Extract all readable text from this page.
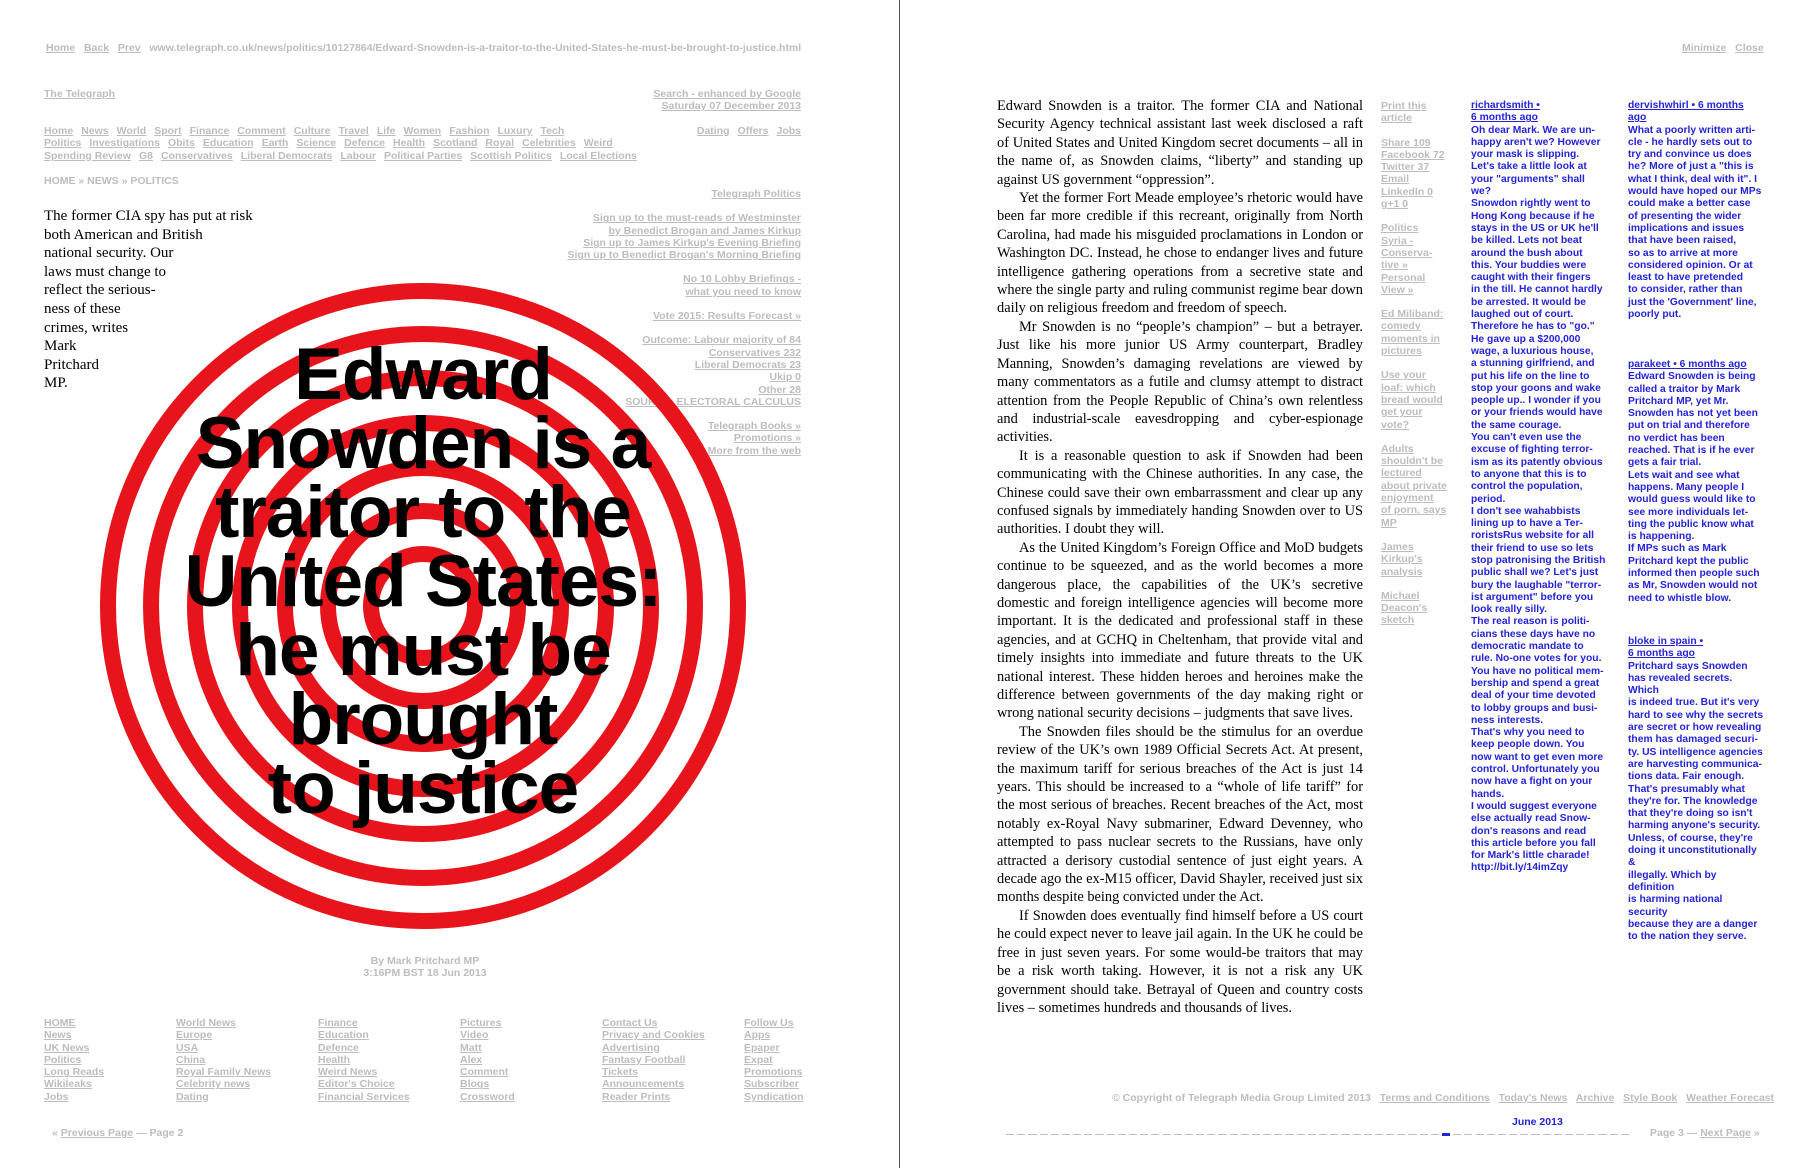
Home Back Prev www.telegraph.co.uk/news/politics/10127864/Edward-Snowden-is-a-traitor-to-the-United-States-he-must-be-brought-to-justice.html	Minimize Close
The Telegraph	Search - enhanced by Google
Saturday 07 December 2013
Home News World Sport Finance Comment Culture Travel Life Women Fashion Luxury Tech
Politics Investigations Obits Education Earth Science Defence Health Scotland Royal Celebrities Weird
Spending Review G8 Conservatives Liberal Democrats Labour Political Parties Scottish Politics Local Elections
Dating Offers Jobs
HOME » NEWS » POLITICS
The former CIA spy has put at risk
both American and British
national security. Our
laws must change to
reflect the serious-
ness of these
crimes, writes
Mark
Pritchard
MP.
Telegraph Politics
Sign up to the must-reads of Westminster
by Benedict Brogan and James Kirkup
Sign up to James Kirkup's Evening Briefing
Sign up to Benedict Brogan's Morning Briefing
No 10 Lobby Briefings -
what you need to know
Vote 2015: Results Forecast »
Outcome: Labour majority of 84
Conservatives 232
Liberal Democrats 23
Ukip 0
Other 28
SOURCE: ELECTORAL CALCULUS
Telegraph Books »
Promotions »
More from the web
Edward
Snowden is a
traitor to the
United States:
he must be
brought
to justice
By Mark Pritchard MP
3:16PM BST 18 Jun 2013
HOME
News
UK News
Politics
Long Reads
Wikileaks
Jobs
World News
Europe
USA
China
Royal Family News
Celebrity news
Dating
Finance
Education
Defence
Health
Weird News
Editor's Choice
Financial Services
Pictures
Video
Matt
Alex
Comment
Blogs
Crossword
Contact Us
Privacy and Cookies
Advertising
Fantasy Football
Tickets
Announcements
Reader Prints
Follow Us
Apps
Epaper
Expat
Promotions
Subscriber
Syndication
« Previous Page — Page 2

Edward Snowden is a traitor. The former CIA and National Security Agency technical assistant last week disclosed a raft of United States and United Kingdom secret documents – all in the name of, as Snowden claims, “liberty” and standing up against US government “oppression”.

Yet the former Fort Meade employee’s rhetoric would have been far more credible if this recreant, originally from North Carolina, had made his misguided proclamations in London or Washington DC. Instead, he chose to endanger lives and future intelligence gathering operations from a secretive state and where the single party and ruling communist regime bear down daily on religious freedom and freedom of speech.

Mr Snowden is no “people’s champion” – but a betrayer. Just like his more junior US Army counterpart, Bradley Manning, Snowden’s damaging revelations are viewed by many commentators as a futile and clumsy attempt to distract attention from the People Republic of China’s own relentless and industrial-scale eavesdropping and cyber-espionage activities.

It is a reasonable question to ask if Snowden had been communicating with the Chinese authorities. In any case, the Chinese could save their own embarrassment and clear up any confused signals by immediately handing Snowden over to US authorities. I doubt they will.

As the United Kingdom’s Foreign Office and MoD budgets continue to be squeezed, and as the world becomes a more dangerous place, the capabilities of the UK’s secretive domestic and foreign intelligence agencies will become more important. It is the dedicated and professional staff in these agencies, and at GCHQ in Cheltenham, that provide vital and timely insights into immediate and future threats to the UK national interest. These hidden heroes and heroines make the difference between governments of the day making right or wrong national security decisions – judgments that save lives.

The Snowden files should be the stimulus for an overdue review of the UK’s own 1989 Official Secrets Act. At present, the maximum tariff for serious breaches of the Act is just 14 years. This should be increased to a “whole of life tariff” for the most serious of breaches. Recent breaches of the Act, most notably ex-Royal Navy submariner, Edward Devenney, who attempted to pass nuclear secrets to the Russians, have only attracted a derisory custodial sentence of just eight years. A decade ago the ex-M15 officer, David Shayler, received just six months despite being convicted under the Act.

If Snowden does eventually find himself before a US court he could expect never to leave jail again. In the UK he could be free in just seven years. For some would-be traitors that may be a risk worth taking. However, it is not a risk any UK government should take. Betrayal of Queen and country costs lives – sometimes hundreds and thousands of lives.

Print this
article
Share 109
Facebook 72
Twitter 37
Email
LinkedIn 0
g+1 0
Politics
Syria -
Conserva-
tive »
Personal
View »
Ed Miliband:
comedy
moments in
pictures
Use your
loaf: which
bread would
get your
vote?
Adults
shouldn't be
lectured
about private
enjoyment
of porn, says
MP
James
Kirkup's
analysis
Michael
Deacon's
sketch
richardsmith •
6 months ago
Oh dear Mark. We are un-
happy aren't we? However
your mask is slipping.
Let's take a little look at
your "arguments" shall
we?
Snowdon rightly went to
Hong Kong because if he
stays in the US or UK he'll
be killed. Lets not beat
around the bush about
this. Your buddies were
caught with their fingers
in the till. He cannot hardly
be arrested. It would be
laughed out of court.
Therefore he has to "go."
He gave up a $200,000
wage, a luxurious house,
a stunning girlfriend, and
put his life on the line to
stop your goons and wake
people up.. I wonder if you
or your friends would have
the same courage.
You can't even use the
excuse of fighting terror-
ism as its patently obvious
to anyone that this is to
control the population,
period.
I don't see wahabbists
lining up to have a Ter-
roristsRus website for all
their friend to use so lets
stop patronising the British
public shall we? Let's just
bury the laughable "terror-
ist argument" before you
look really silly.
The real reason is politi-
cians these days have no
democratic mandate to
rule. No-one votes for you.
You have no political mem-
bership and spend a great
deal of your time devoted
to lobby groups and busi-
ness interests.
That's why you need to
keep people down. You
now want to get even more
control. Unfortunately you
now have a fight on your
hands.
I would suggest everyone
else actually read Snow-
don's reasons and read
this article before you fall
for Mark's little charade!
http://bit.ly/14imZqy
dervishwhirl • 6 months
ago
What a poorly written arti-
cle - he hardly sets out to
try and convince us does
he? More of just a "this is
what I think, deal with it". I
would have hoped our MPs
could make a better case
of presenting the wider
implications and issues
that have been raised,
so as to arrive at more
considered opinion. Or at
least to have pretended
to consider, rather than
just the 'Government' line,
poorly put.
parakeet • 6 months ago
Edward Snowden is being
called a traitor by Mark
Pritchard MP, yet Mr.
Snowden has not yet been
put on trial and therefore
no verdict has been
reached. That is if he ever
gets a fair trial.
Lets wait and see what
happens. Many people I
would guess would like to
see more individuals let-
ting the public know what
is happening.
If MPs such as Mark
Pritchard kept the public
informed then people such
as Mr, Snowden would not
need to whistle blow.
bloke in spain •
6 months ago
Pritchard says Snowden
has revealed secrets. Which
is indeed true. But it's very
hard to see why the secrets
are secret or how revealing
them has damaged securi-
ty. US intelligence agencies
are harvesting communica-
tions data. Fair enough.
That's presumably what
they're for. The knowledge
that they're doing so isn't
harming anyone's security.
Unless, of course, they're
doing it unconstitutionally &
illegally. Which by definition
is harming national security
because they are a danger
to the nation they serve.
© Copyright of Telegraph Media Group Limited 2013 Terms and Conditions Today's News Archive Style Book Weather Forecast
June 2013
Page 3 — Next Page »
